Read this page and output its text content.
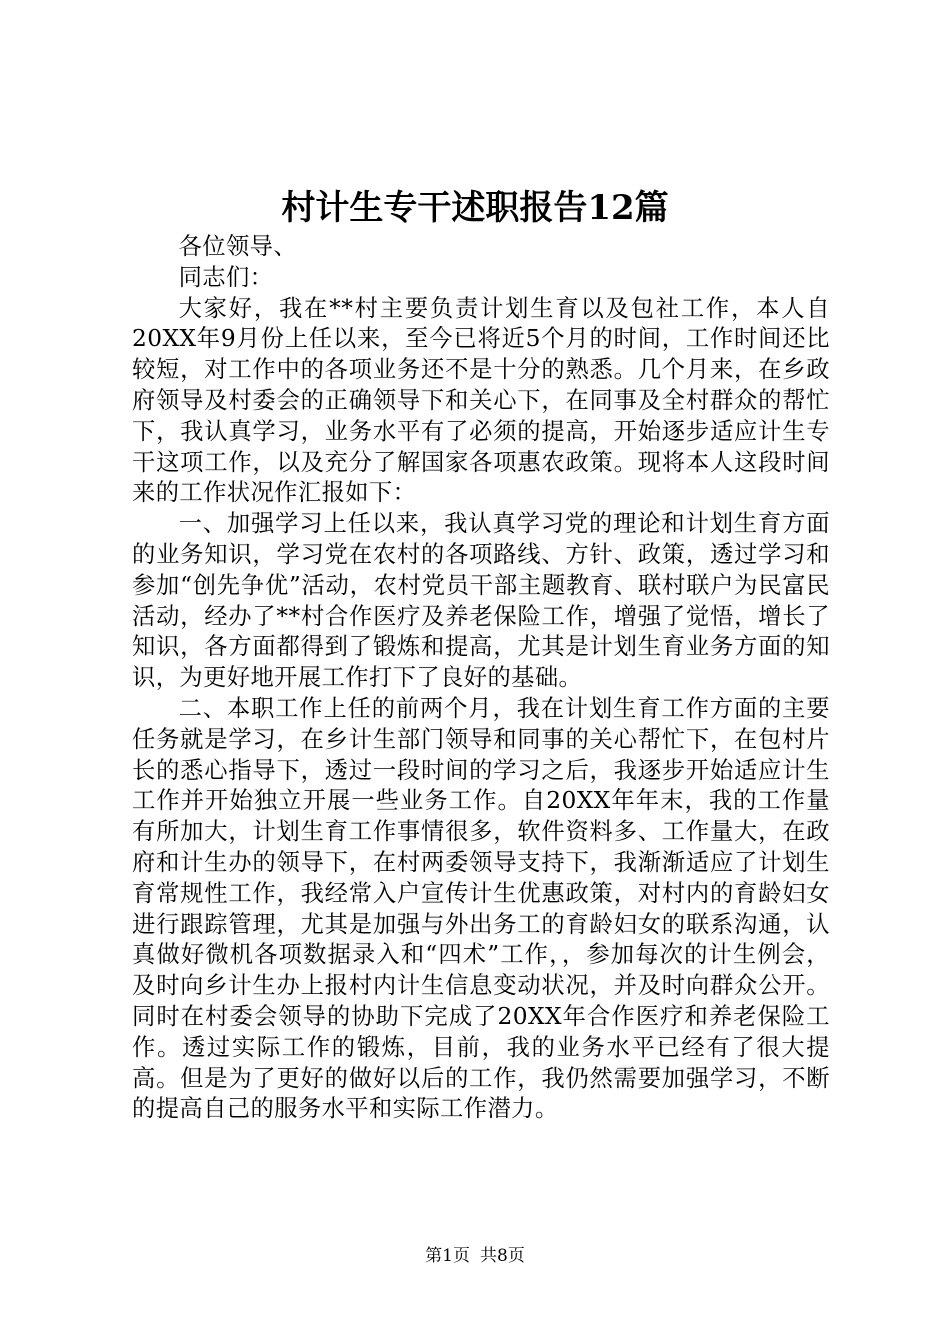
村计生专干述职报告12篇

各位领导、

同志们：

大家好，我在**村主要负责计划生育以及包社工作，本人自20XX年9月份上任以来，至今已将近5个月的时间，工作时间还比较短，对工作中的各项业务还不是十分的熟悉。几个月来，在乡政府领导及村委会的正确领导下和关心下，在同事及全村群众的帮忙下，我认真学习，业务水平有了必须的提高，开始逐步适应计生专干这项工作，以及充分了解国家各项惠农政策。现将本人这段时间来的工作状况作汇报如下：

一、加强学习上任以来，我认真学习党的理论和计划生育方面的业务知识，学习党在农村的各项路线、方针、政策，透过学习和参加“创先争优”活动，农村党员干部主题教育、联村联户为民富民活动，经办了**村合作医疗及养老保险工作，增强了觉悟，增长了知识，各方面都得到了锻炼和提高，尤其是计划生育业务方面的知识，为更好地开展工作打下了良好的基础。

二、本职工作上任的前两个月，我在计划生育工作方面的主要任务就是学习，在乡计生部门领导和同事的关心帮忙下，在包村片长的悉心指导下，透过一段时间的学习之后，我逐步开始适应计生工作并开始独立开展一些业务工作。自20XX年年末，我的工作量有所加大，计划生育工作事情很多，软件资料多、工作量大，在政府和计生办的领导下，在村两委领导支持下，我渐渐适应了计划生育常规性工作，我经常入户宣传计生优惠政策，对村内的育龄妇女进行跟踪管理，尤其是加强与外出务工的育龄妇女的联系沟通，认真做好微机各项数据录入和“四术”工作，，参加每次的计生例会，及时向乡计生办上报村内计生信息变动状况，并及时向群众公开。同时在村委会领导的协助下完成了20XX年合作医疗和养老保险工作。透过实际工作的锻炼，目前，我的业务水平已经有了很大提高。但是为了更好的做好以后的工作，我仍然需要加强学习，不断的提高自己的服务水平和实际工作潜力。

第1页 共8页
